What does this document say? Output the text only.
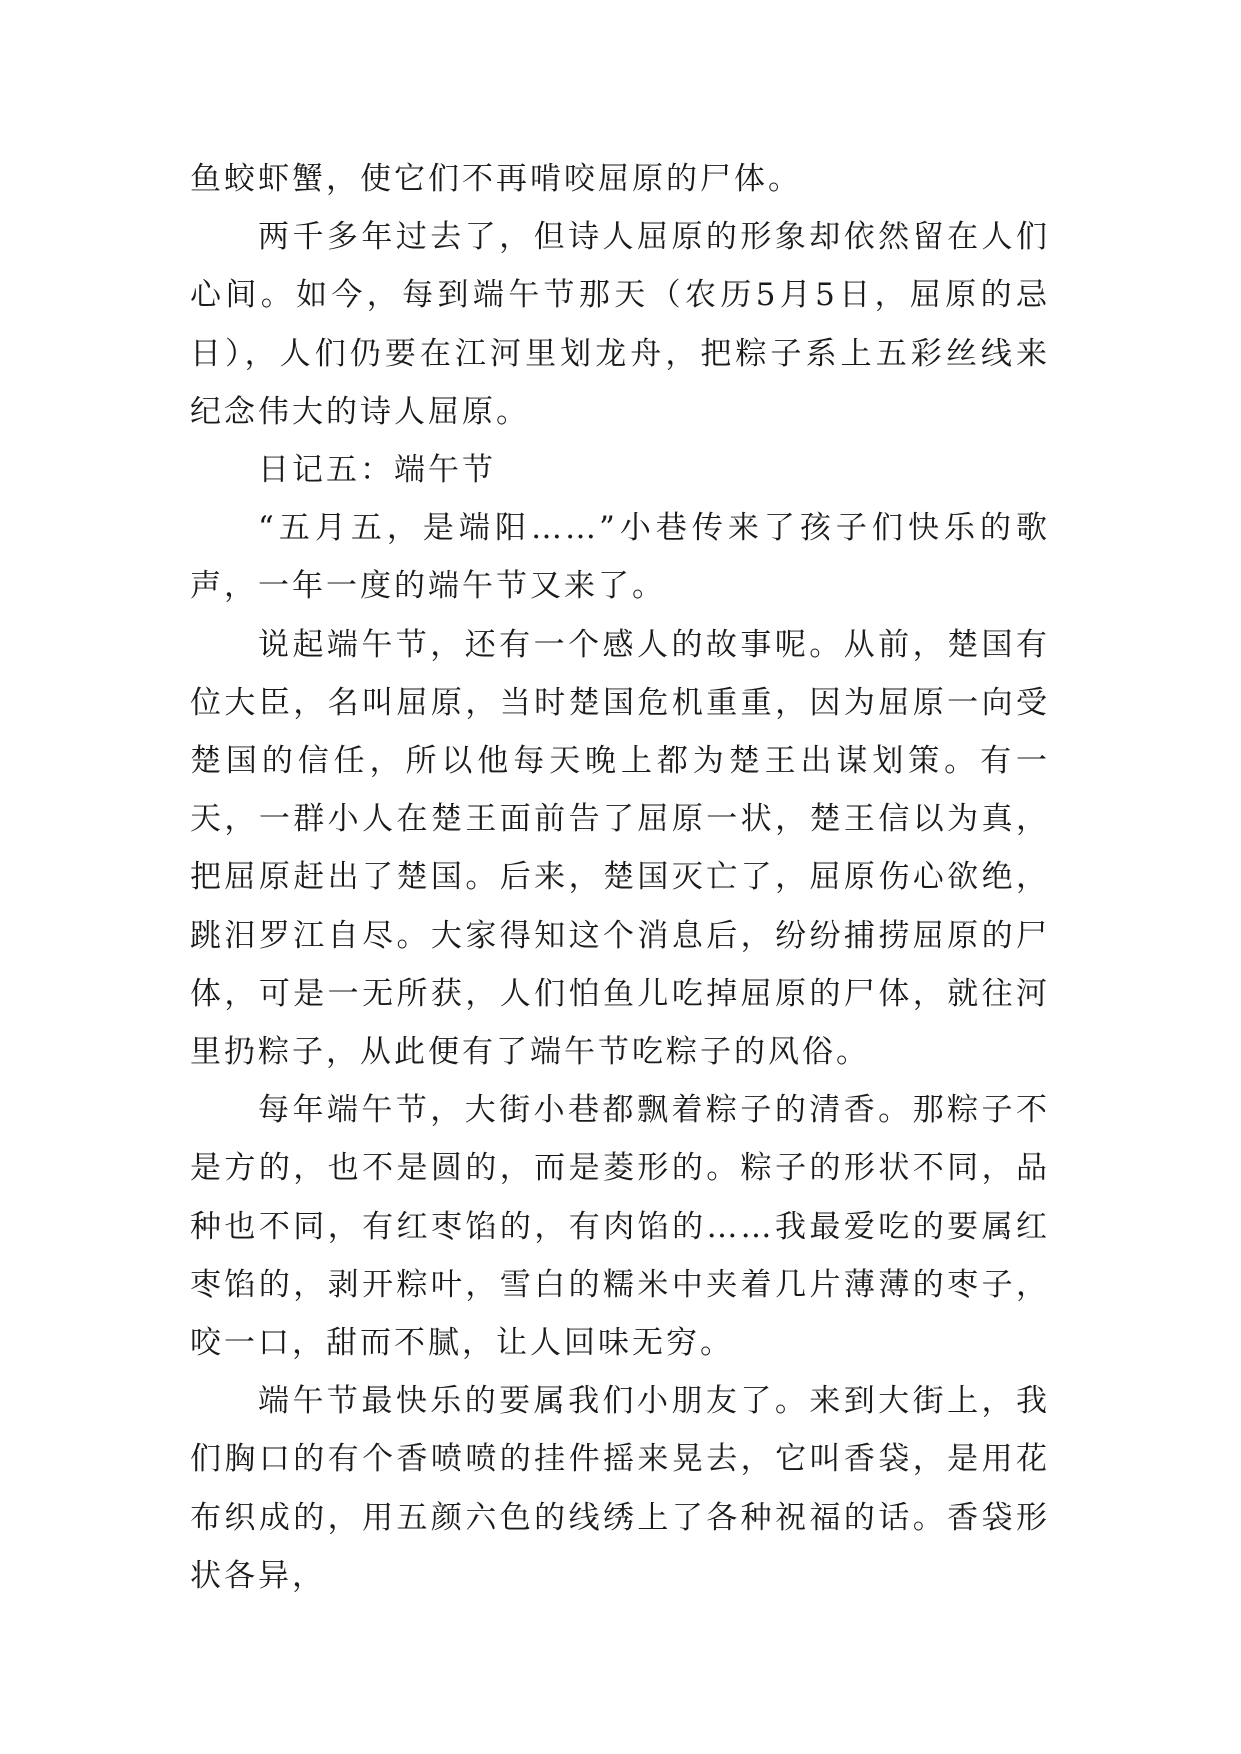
鱼蛟虾蟹，使它们不再啃咬屈原的尸体。

两千多年过去了，但诗人屈原的形象却依然留在人们心间。如今，每到端午节那天（农历5月5日，屈原的忌日），人们仍要在江河里划龙舟，把粽子系上五彩丝线来纪念伟大的诗人屈原。

日记五：端午节

“五月五，是端阳……”小巷传来了孩子们快乐的歌声，一年一度的端午节又来了。

说起端午节，还有一个感人的故事呢。从前，楚国有位大臣，名叫屈原，当时楚国危机重重，因为屈原一向受楚国的信任，所以他每天晚上都为楚王出谋划策。有一天，一群小人在楚王面前告了屈原一状，楚王信以为真，把屈原赶出了楚国。后来，楚国灭亡了，屈原伤心欲绝，跳汨罗江自尽。大家得知这个消息后，纷纷捕捞屈原的尸体，可是一无所获，人们怕鱼儿吃掉屈原的尸体，就往河里扔粽子，从此便有了端午节吃粽子的风俗。

每年端午节，大街小巷都飘着粽子的清香。那粽子不是方的，也不是圆的，而是菱形的。粽子的形状不同，品种也不同，有红枣馅的，有肉馅的……我最爱吃的要属红枣馅的，剥开粽叶，雪白的糯米中夹着几片薄薄的枣子，咬一口，甜而不腻，让人回味无穷。

端午节最快乐的要属我们小朋友了。来到大街上，我们胸口的有个香喷喷的挂件摇来晃去，它叫香袋，是用花布织成的，用五颜六色的线绣上了各种祝福的话。香袋形状各异，
